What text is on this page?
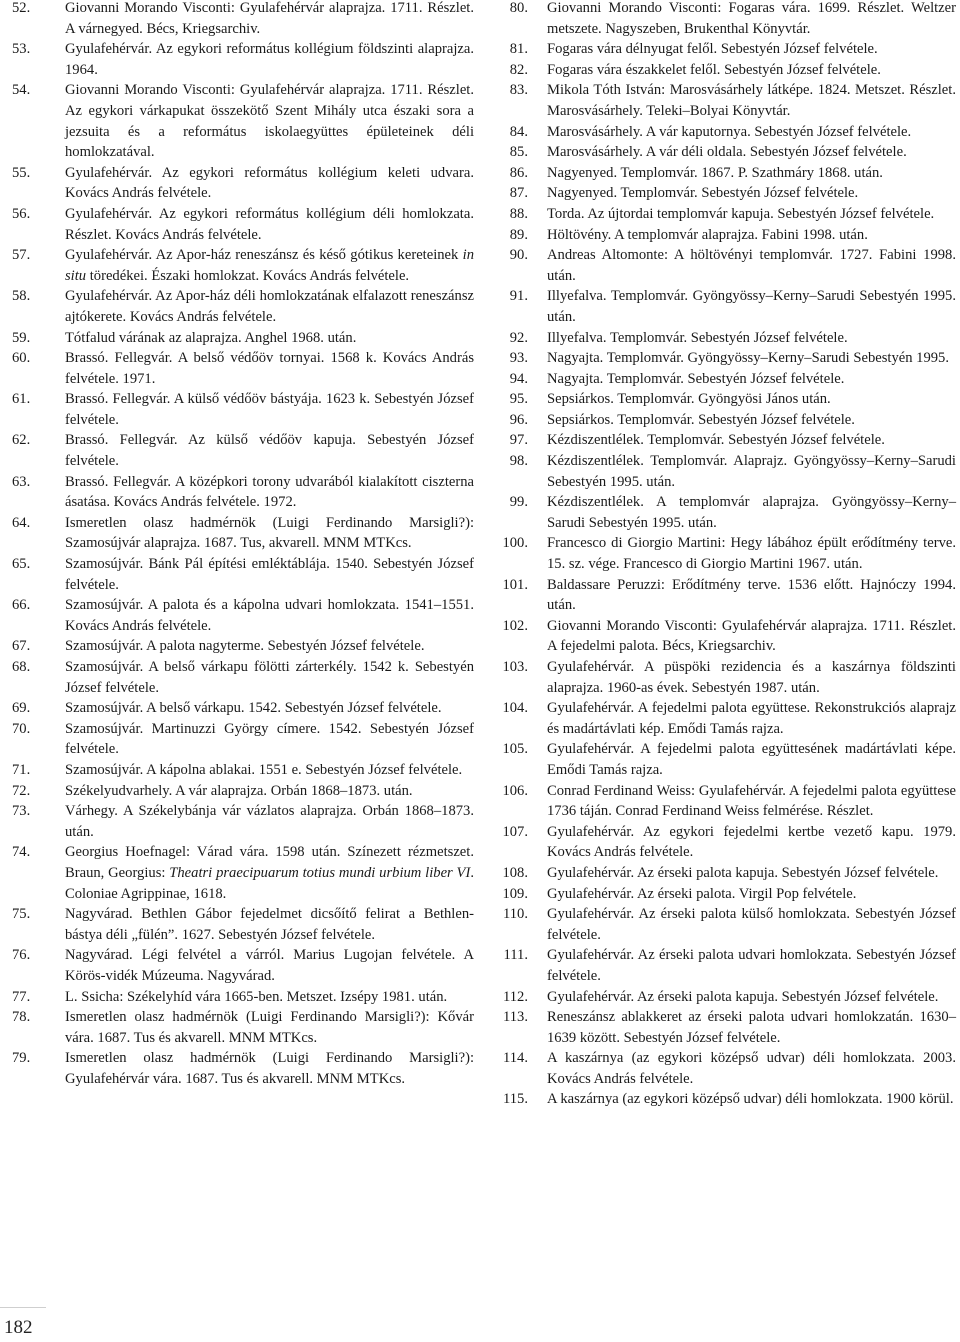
52.	Giovanni Morando Visconti: Gyulafehérvár alaprajza. 1711. Részlet. A várnegyed. Bécs, Kriegsarchiv.
53.	Gyulafehérvár. Az egykori református kollégium földszinti alaprajza. 1964.
54.	Giovanni Morando Visconti: Gyulafehérvár alaprajza. 1711. Részlet. Az egykori várkapukat összekötő Szent Mihály utca északi sora a jezsuita és a református iskolaegyüttes épületeinek déli homlokzatával.
55.	Gyulafehérvár. Az egykori református kollégium keleti udvara. Kovács András felvétele.
56.	Gyulafehérvár. Az egykori református kollégium déli homlokzata. Részlet. Kovács András felvétele.
57.	Gyulafehérvár. Az Apor-ház reneszánsz és késő gótikus kereteinek in situ töredékei. Északi homlokzat. Kovács András felvétele.
58.	Gyulafehérvár. Az Apor-ház déli homlokzatának elfalazott reneszánsz ajtókerete. Kovács András felvétele.
59.	Tótfalud várának az alaprajza. Anghel 1968. után.
60.	Brassó. Fellegvár. A belső védőöv tornyai. 1568 k. Kovács András felvétele. 1971.
61.	Brassó. Fellegvár. A külső védőöv bástyája. 1623 k. Sebestyén József felvétele.
62.	Brassó. Fellegvár. Az külső védőöv kapuja. Sebestyén József felvétele.
63.	Brassó. Fellegvár. A középkori torony udvarából kialakított ciszterna ásatása. Kovács András felvétele. 1972.
64.	Ismeretlen olasz hadmérnök (Luigi Ferdinando Marsigli?): Szamosújvár alaprajza. 1687. Tus, akvarell. MNM MTKcs.
65.	Szamosújvár. Bánk Pál építési emléktáblája. 1540. Sebestyén József felvétele.
66.	Szamosújvár. A palota és a kápolna udvari homlokzata. 1541–1551. Kovács András felvétele.
67.	Szamosújvár. A palota nagyterme. Sebestyén József felvétele.
68.	Szamosújvár. A belső várkapu fölötti zárterkély. 1542 k. Sebestyén József felvétele.
69.	Szamosújvár. A belső várkapu. 1542. Sebestyén József felvétele.
70.	Szamosújvár. Martinuzzi György címere. 1542. Sebestyén József felvétele.
71.	Szamosújvár. A kápolna ablakai. 1551 e. Sebestyén József felvétele.
72.	Székelyudvarhely. A vár alaprajza. Orbán 1868–1873. után.
73.	Várhegy. A Székelybánja vár vázlatos alaprajza. Orbán 1868–1873. után.
74.	Georgius Hoefnagel: Várad vára. 1598 után. Színezett rézmetszet. Braun, Georgius: Theatri praecipuarum totius mundi urbium liber VI. Coloniae Agrippinae, 1618.
75.	Nagyvárad. Bethlen Gábor fejedelmet dicsőítő felirat a Bethlen-bástya déli „fülén”. 1627. Sebestyén József felvétele.
76.	Nagyvárad. Légi felvétel a várról. Marius Lugojan felvétele. A Körös-vidék Múzeuma. Nagyvárad.
77.	L. Ssicha: Székelyhíd vára 1665-ben. Metszet. Izsépy 1981. után.
78.	Ismeretlen olasz hadmérnök (Luigi Ferdinando Marsigli?): Kővár vára. 1687. Tus és akvarell. MNM MTKcs.
79.	Ismeretlen olasz hadmérnök (Luigi Ferdinando Marsigli?): Gyulafehérvár vára. 1687. Tus és akvarell. MNM MTKcs.
80. Giovanni Morando Visconti: Fogaras vára. 1699. Részlet. Weltzer metszete. Nagyszeben, Brukenthal Könyvtár.
81. Fogaras vára délnyugat felől. Sebestyén József felvétele.
82. Fogaras vára északkelet felől. Sebestyén József felvétele.
83. Mikola Tóth István: Marosvásárhely látképe. 1824. Metszet. Részlet. Marosvásárhely. Teleki–Bolyai Könyvtár.
84. Marosvásárhely. A vár kaputornya. Sebestyén József felvétele.
85. Marosvásárhely. A vár déli oldala. Sebestyén József felvétele.
86. Nagyenyed. Templomvár. 1867. P. Szathmáry 1868. után.
87. Nagyenyed. Templomvár. Sebestyén József felvétele.
88. Torda. Az újtordai templomvár kapuja. Sebestyén József felvétele.
89. Höltövény. A templomvár alaprajza. Fabini 1998. után.
90. Andreas Altomonte: A höltövényi templomvár. 1727. Fabini 1998. után.
91. Illyefalva. Templomvár. Gyöngyössy–Kerny–Sarudi Sebestyén 1995. után.
92. Illyefalva. Templomvár. Sebestyén József felvétele.
93. Nagyajta. Templomvár. Gyöngyössy–Kerny–Sarudi Sebestyén 1995.
94. Nagyajta. Templomvár. Sebestyén József felvétele.
95. Sepsiárkos. Templomvár. Gyöngyösi János után.
96. Sepsiárkos. Templomvár. Sebestyén József felvétele.
97. Kézdiszentlélek. Templomvár. Sebestyén József felvétele.
98. Kézdiszentlélek. Templomvár. Alaprajz. Gyöngyössy–Kerny–Sarudi Sebestyén 1995. után.
99. Kézdiszentlélek. A templomvár alaprajza. Gyöngyössy–Kerny–Sarudi Sebestyén 1995. után.
100. Francesco di Giorgio Martini: Hegy lábához épült erődítmény terve. 15. sz. vége. Francesco di Giorgio Martini 1967. után.
101. Baldassare Peruzzi: Erődítmény terve. 1536 előtt. Hajnóczy 1994. után.
102. Giovanni Morando Visconti: Gyulafehérvár alaprajza. 1711. Részlet. A fejedelmi palota. Bécs, Kriegsarchiv.
103. Gyulafehérvár. A püspöki rezidencia és a kaszárnya földszinti alaprajza. 1960-as évek. Sebestyén 1987. után.
104. Gyulafehérvár. A fejedelmi palota együttese. Rekonstrukciós alaprajz és madártávlati kép. Emődi Tamás rajza.
105. Gyulafehérvár. A fejedelmi palota együttesének madártávlati képe. Emődi Tamás rajza.
106. Conrad Ferdinand Weiss: Gyulafehérvár. A fejedelmi palota együttese 1736 táján. Conrad Ferdinand Weiss felmérése. Részlet.
107. Gyulafehérvár. Az egykori fejedelmi kertbe vezető kapu. 1979. Kovács András felvétele.
108. Gyulafehérvár. Az érseki palota kapuja. Sebestyén József felvétele.
109. Gyulafehérvár. Az érseki palota. Virgil Pop felvétele.
110. Gyulafehérvár. Az érseki palota külső homlokzata. Sebestyén József felvétele.
111. Gyulafehérvár. Az érseki palota udvari homlokzata. Sebestyén József felvétele.
112. Gyulafehérvár. Az érseki palota kapuja. Sebestyén József felvétele.
113. Reneszánsz ablakkeret az érseki palota udvari homlokzatán. 1630–1639 között. Sebestyén József felvétele.
114. A kaszárnya (az egykori középső udvar) déli homlokzata. 2003. Kovács András felvétele.
115. A kaszárnya (az egykori középső udvar) déli homlokzata. 1900 körül.
182
